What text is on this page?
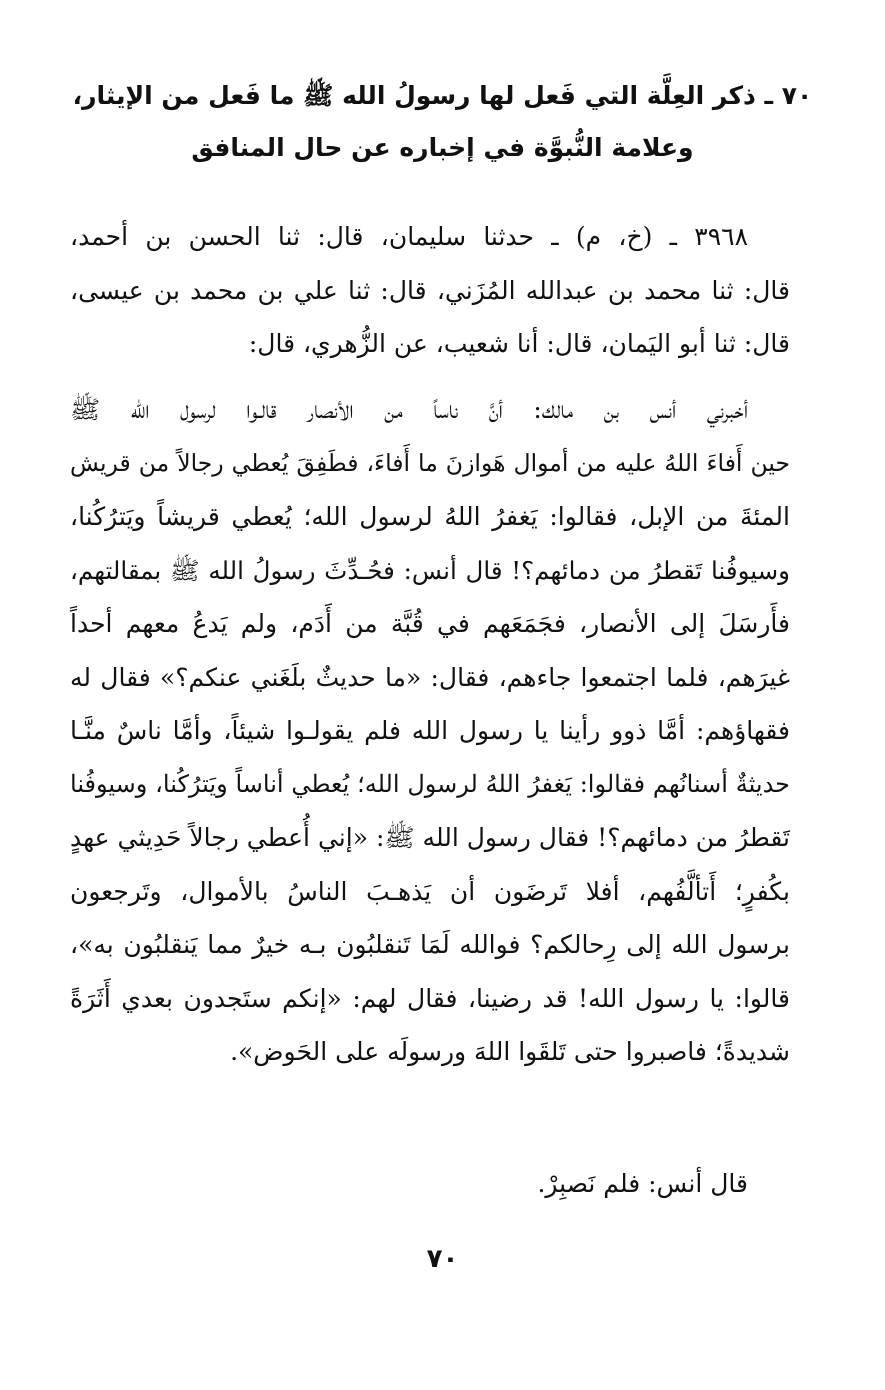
٧٠ ـ ذكر العِلَّة التي فَعل لها رسولُ الله ﷺ ما فَعل من الإيثار،
وعلامة النُّبوَّة في إخباره عن حال المنافق
٣٩٦٨ ـ (خ، م) ـ حدثنا سليمان، قال: ثنا الحسن بن أحمد،
قال: ثنا محمد بن عبدالله المُزَني، قال: ثنا علي بن محمد بن عيسى،
قال: ثنا أبو اليَمان، قال: أنا شعيب، عن الزُّهري، قال:
أخبرني أنس بن مالك: أنَّ ناساً من الأنصار قالـوا لرسول الله ﷺ
حين أَفاءَ اللهُ عليه من أموال هَوازنَ ما أَفاءَ، فطَفِقَ يُعطي رجالاً من قريش
المئةَ من الإبل، فقالوا: يَغفرُ اللهُ لرسول الله؛ يُعطي قريشاً ويَترُكُنا،
وسيوفُنا تَقطرُ من دمائهم؟! قال أنس: فحُـدِّثَ رسولُ الله ﷺ بمقالتهم،
فأَرسَلَ إلى الأنصار، فجَمَعَهم في قُبَّة من أَدَم، ولم يَدعُ معهم أحداً
غيرَهم، فلما اجتمعوا جاءهم، فقال: «ما حديثٌ بلَغَني عنكم؟» فقال له
فقهاؤهم: أمَّا ذوو رأينا يا رسول الله فلم يقولـوا شيئاً، وأمَّا ناسٌ منَّـا
حديثةٌ أسنانُهم فقالوا: يَغفرُ اللهُ لرسول الله؛ يُعطي أناساً ويَترُكُنا، وسيوفُنا
تَقطرُ من دمائهم؟! فقال رسول الله ﷺ: «إني أُعطي رجالاً حَدِيثي عهدٍ
بكُفرٍ؛ أَتألَّفُهم، أفلا تَرضَون أن يَذهـبَ الناسُ بالأموال، وتَرجعون
برسول الله إلى رِحالكم؟ فوالله لَمَا تَنقلبُون بـه خيرٌ مما يَنقلبُون به»،
قالوا: يا رسول الله! قد رضينا، فقال لهم: «إنكم ستَجدون بعدي أَثَرَةً
شديدةً؛ فاصبروا حتى تَلقَوا اللهَ ورسولَه على الحَوض».
قال أنس: فلم نَصبِرْ.
٧٠
